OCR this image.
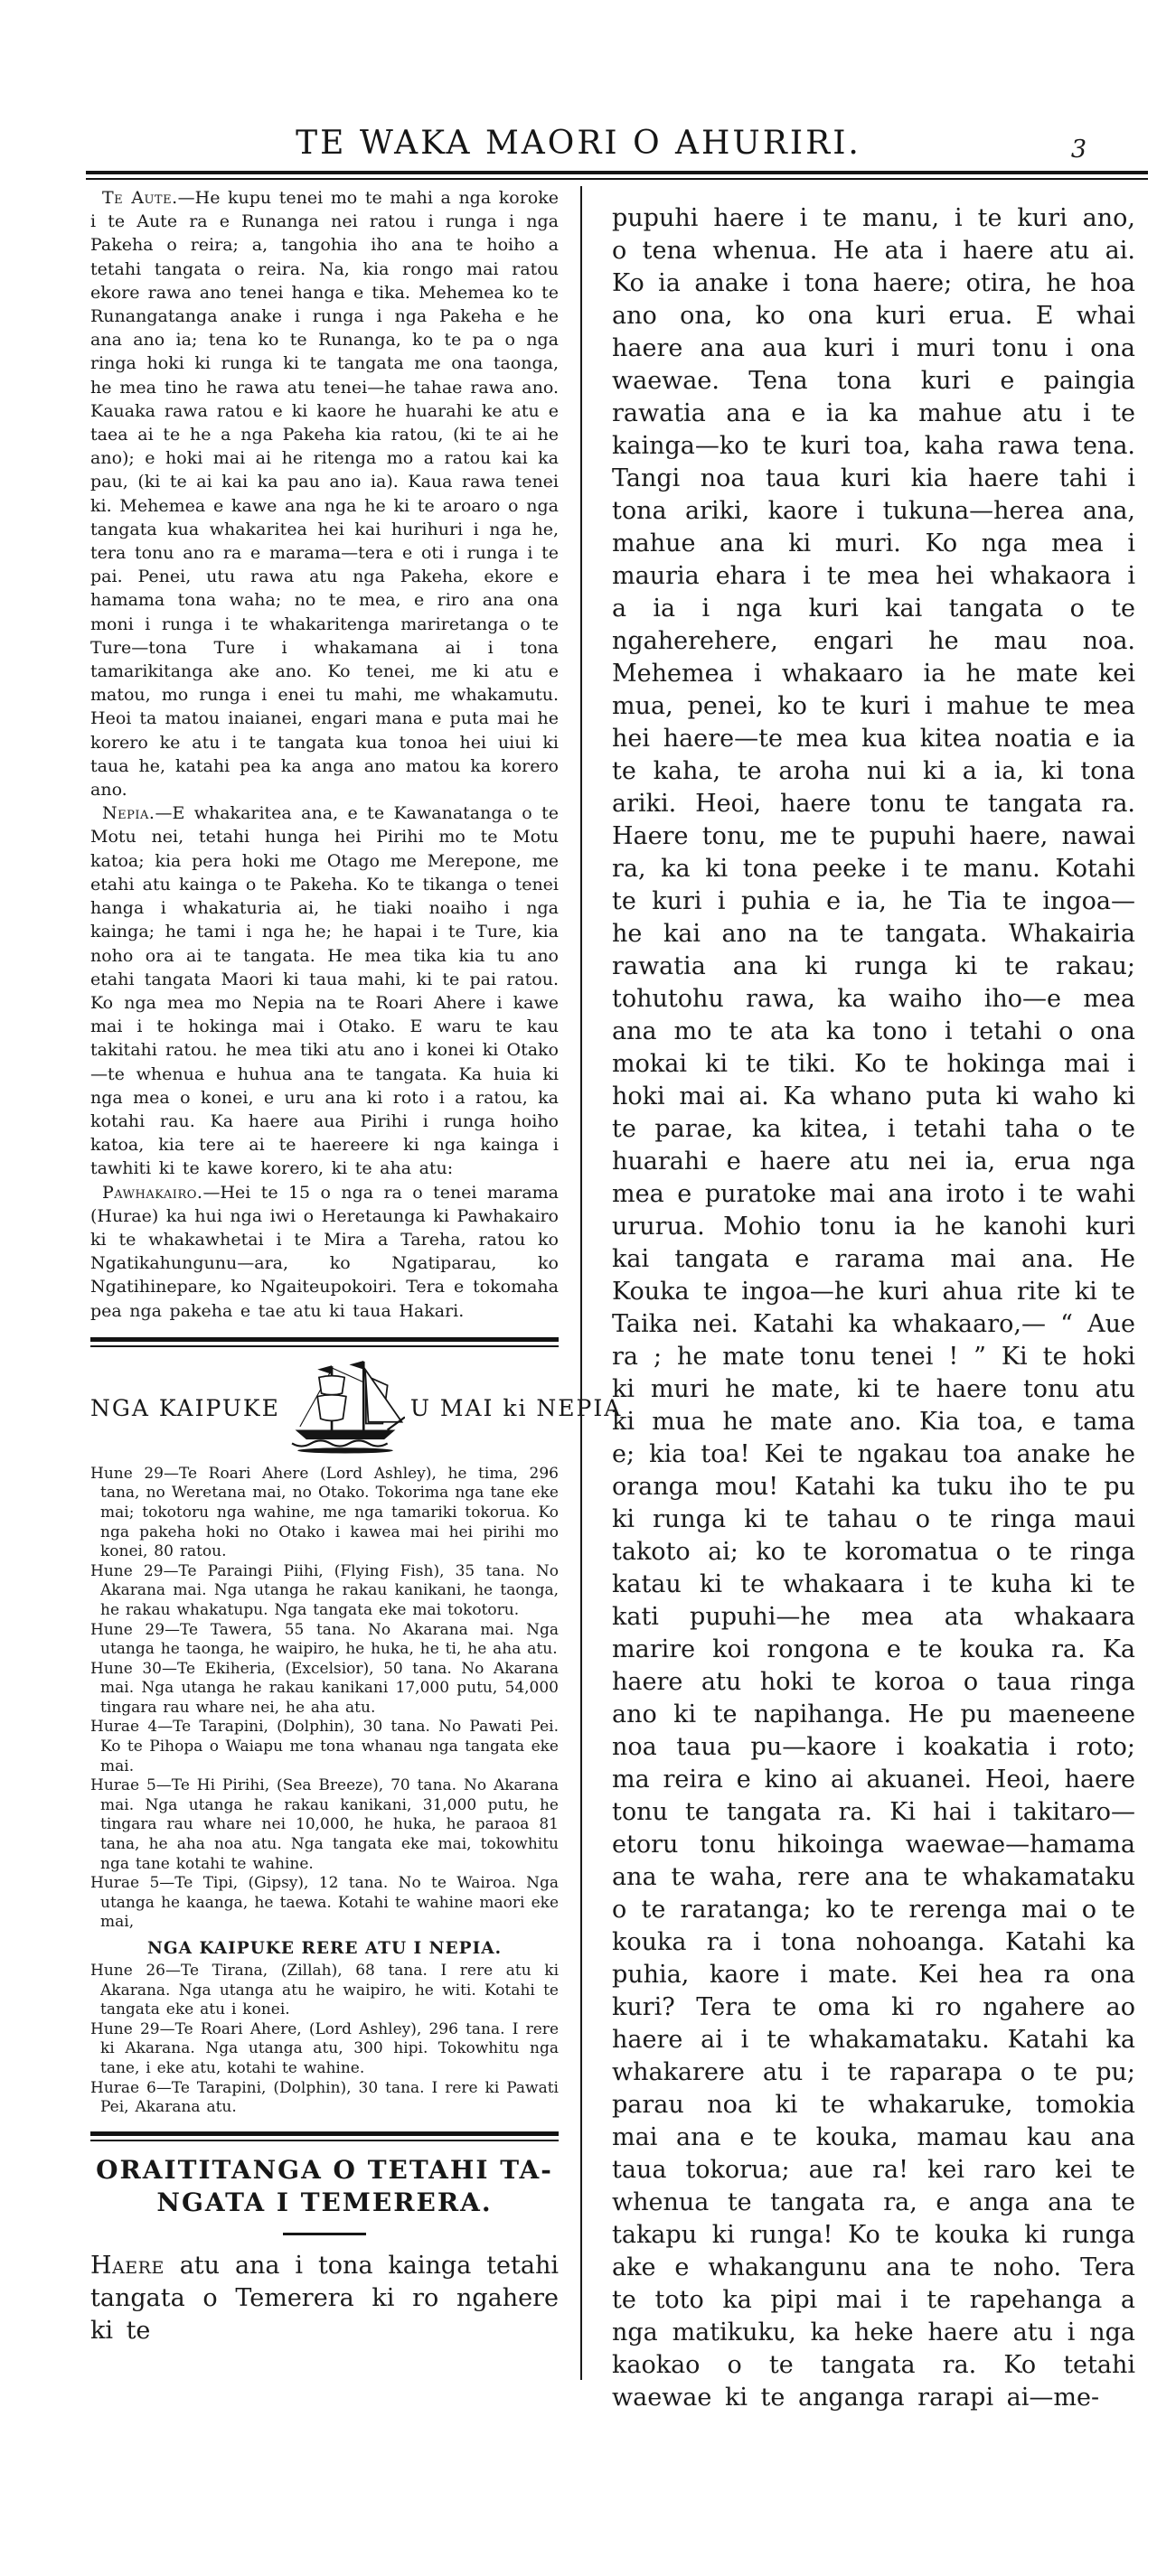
TE WAKA MAORI O AHURIRI.	3

Te Aute.—He kupu tenei mo te mahi a nga koroke i te Aute ra e Runanga nei ratou i runga i nga Pakeha o reira; a, tangohia iho ana te hoiho a tetahi tangata o reira. Na, kia rongo mai ratou ekore rawa ano tenei hanga e tika. Mehemea ko te Runangatanga anake i runga i nga Pakeha e he ana ano ia; tena ko te Runanga, ko te pa o nga ringa hoki ki runga ki te tangata me ona taonga, he mea tino he rawa atu tenei—he tahae rawa ano. Kauaka rawa ratou e ki kaore he huarahi ke atu e taea ai te he a nga Pakeha kia ratou, (ki te ai he ano); e hoki mai ai he ritenga mo a ratou kai ka pau, (ki te ai kai ka pau ano ia). Kaua rawa tenei ki. Mehemea e kawe ana nga he ki te aroaro o nga tangata kua whakaritea hei kai hurihuri i nga he, tera tonu ano ra e marama—tera e oti i runga i te pai. Penei, utu rawa atu nga Pakeha, ekore e hamama tona waha; no te mea, e riro ana ona moni i runga i te whakaritenga mariretanga o te Ture—tona Ture i whakamana ai i tona tamarikitanga ake ano. Ko tenei, me ki atu e matou, mo runga i enei tu mahi, me whakamutu. Heoi ta matou inaianei, engari mana e puta mai he korero ke atu i te tangata kua tonoa hei uiui ki taua he, katahi pea ka anga ano matou ka korero ano.

Nepia.—E whakaritea ana, e te Kawanatanga o te Motu nei, tetahi hunga hei Pirihi mo te Motu katoa; kia pera hoki me Otago me Merepone, me etahi atu kainga o te Pakeha. Ko te tikanga o tenei hanga i whakaturia ai, he tiaki noaiho i nga kainga; he tami i nga he; he hapai i te Ture, kia noho ora ai te tangata. He mea tika kia tu ano etahi tangata Maori ki taua mahi, ki te pai ratou. Ko nga mea mo Nepia na te Roari Ahere i kawe mai i te hokinga mai i Otako. E waru te kau takitahi ratou. he mea tiki atu ano i konei ki Otako—te whenua e huhua ana te tangata. Ka huia ki nga mea o konei, e uru ana ki roto i a ratou, ka kotahi rau. Ka haere aua Pirihi i runga hoiho katoa, kia tere ai te haereere ki nga kainga i tawhiti ki te kawe korero, ki te aha atu:

Pawhakairo.—Hei te 15 o nga ra o tenei marama (Hurae) ka hui nga iwi o Heretaunga ki Pawhakairo ki te whakawhetai i te Mira a Tareha, ratou ko Ngatikahungunu—ara, ko Ngatiparau, ko Ngatihinepare, ko Ngaiteupokoiri. Tera e tokomaha pea nga pakeha e tae atu ki taua Hakari.

NGA KAIPUKE	U MAI ki NEPIA

Hune 29—Te Roari Ahere (Lord Ashley), he tima, 296 tana, no Weretana mai, no Otako. Tokorima nga tane eke mai; tokotoru nga wahine, me nga tamariki tokorua. Ko nga pakeha hoki no Otako i kawea mai hei pirihi mo konei, 80 ratou.

Hune 29—Te Paraingi Piihi, (Flying Fish), 35 tana. No Akarana mai. Nga utanga he rakau kanikani, he taonga, he rakau whakatupu. Nga tangata eke mai tokotoru.

Hune 29—Te Tawera, 55 tana. No Akarana mai. Nga utanga he taonga, he waipiro, he huka, he ti, he aha atu.

Hune 30—Te Ekiheria, (Excelsior), 50 tana. No Akarana mai. Nga utanga he rakau kanikani 17,000 putu, 54,000 tingara rau whare nei, he aha atu.

Hurae 4—Te Tarapini, (Dolphin), 30 tana. No Pawati Pei. Ko te Pihopa o Waiapu me tona whanau nga tangata eke mai.

Hurae 5—Te Hi Pirihi, (Sea Breeze), 70 tana. No Akarana mai. Nga utanga he rakau kanikani, 31,000 putu, he tingara rau whare nei 10,000, he huka, he paraoa 81 tana, he aha noa atu. Nga tangata eke mai, tokowhitu nga tane kotahi te wahine.

Hurae 5—Te Tipi, (Gipsy), 12 tana. No te Wairoa. Nga utanga he kaanga, he taewa. Kotahi te wahine maori eke mai,

NGA KAIPUKE RERE ATU I NEPIA.

Hune 26—Te Tirana, (Zillah), 68 tana. I rere atu ki Akarana. Nga utanga atu he waipiro, he witi. Kotahi te tangata eke atu i konei.

Hune 29—Te Roari Ahere, (Lord Ashley), 296 tana. I rere ki Akarana. Nga utanga atu, 300 hipi. Tokowhitu nga tane, i eke atu, kotahi te wahine.

Hurae 6—Te Tarapini, (Dolphin), 30 tana. I rere ki Pawati Pei, Akarana atu.

ORAITITANGA O TETAHI TA-
NGATA I TEMERERA.

Haere atu ana i tona kainga tetahi tangata o Temerera ki ro ngahere ki te

pupuhi haere i te manu, i te kuri ano, o tena whenua. He ata i haere atu ai. Ko ia anake i tona haere; otira, he hoa ano ona, ko ona kuri erua. E whai haere ana aua kuri i muri tonu i ona waewae. Tena tona kuri e paingia rawatia ana e ia ka mahue atu i te kainga—ko te kuri toa, kaha rawa tena. Tangi noa taua kuri kia haere tahi i tona ariki, kaore i tukuna—herea ana, mahue ana ki muri. Ko nga mea i mauria ehara i te mea hei whakaora i a ia i nga kuri kai tangata o te ngaherehere, engari he mau noa. Mehemea i whakaaro ia he mate kei mua, penei, ko te kuri i mahue te mea hei haere—te mea kua kitea noatia e ia te kaha, te aroha nui ki a ia, ki tona ariki. Heoi, haere tonu te tangata ra. Haere tonu, me te pupuhi haere, nawai ra, ka ki tona peeke i te manu. Kotahi te kuri i puhia e ia, he Tia te ingoa—he kai ano na te tangata. Whakairia rawatia ana ki runga ki te rakau; tohutohu rawa, ka waiho iho—e mea ana mo te ata ka tono i tetahi o ona mokai ki te tiki. Ko te hokinga mai i hoki mai ai. Ka whano puta ki waho ki te parae, ka kitea, i tetahi taha o te huarahi e haere atu nei ia, erua nga mea e puratoke mai ana iroto i te wahi ururua. Mohio tonu ia he kanohi kuri kai tangata e rarama mai ana. He Kouka te ingoa—he kuri ahua rite ki te Taika nei. Katahi ka whakaaro,— “ Aue ra ; he mate tonu tenei ! ” Ki te hoki ki muri he mate, ki te haere tonu atu ki mua he mate ano. Kia toa, e tama e; kia toa! Kei te ngakau toa anake he oranga mou! Katahi ka tuku iho te pu ki runga ki te tahau o te ringa maui takoto ai; ko te koromatua o te ringa katau ki te whakaara i te kuha ki te kati pupuhi—he mea ata whakaara marire koi rongona e te kouka ra. Ka haere atu hoki te koroa o taua ringa ano ki te napihanga. He pu maeneene noa taua pu—kaore i koakatia i roto; ma reira e kino ai akuanei. Heoi, haere tonu te tangata ra. Ki hai i takitaro—etoru tonu hikoinga waewae—hamama ana te waha, rere ana te whakamataku o te raratanga; ko te rerenga mai o te kouka ra i tona nohoanga. Katahi ka puhia, kaore i mate. Kei hea ra ona kuri? Tera te oma ki ro ngahere ao haere ai i te whakamataku. Katahi ka whakarere atu i te raparapa o te pu; parau noa ki te whakaruke, tomokia mai ana e te kouka, mamau kau ana taua tokorua; aue ra! kei raro kei te whenua te tangata ra, e anga ana te takapu ki runga! Ko te kouka ki runga ake e whakangunu ana te noho. Tera te toto ka pipi mai i te rapehanga a nga matikuku, ka heke haere atu i nga kaokao o te tangata ra. Ko tetahi waewae ki te anganga rarapi ai—me-
